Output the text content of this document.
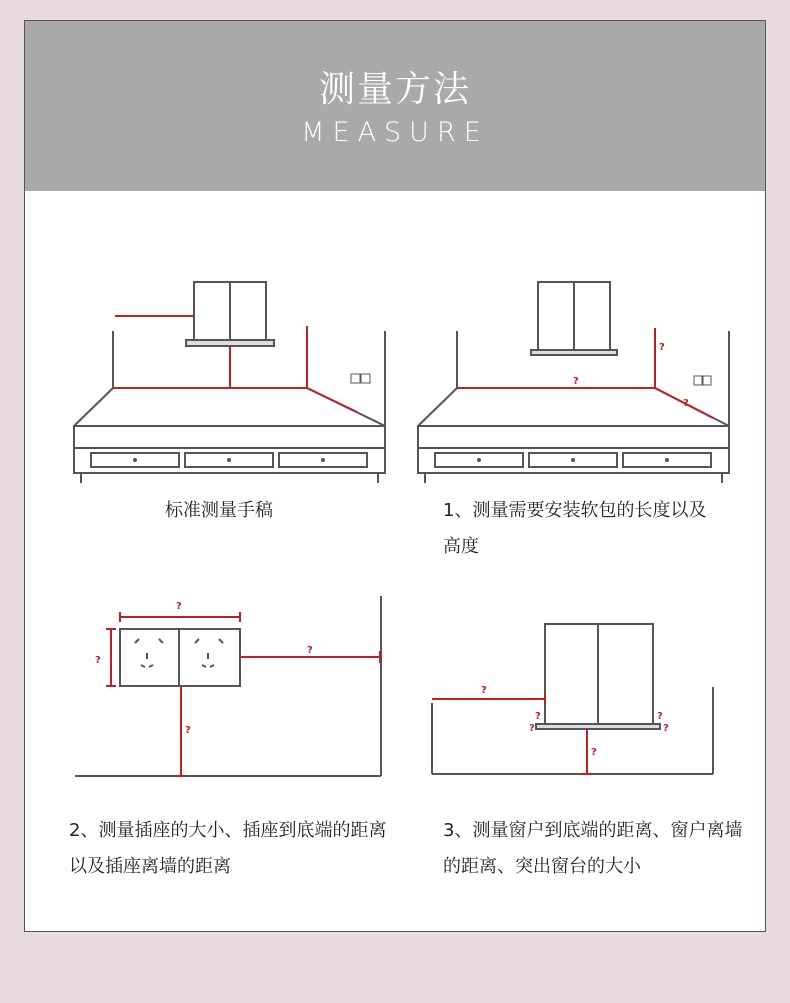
测量方法
MEASURE
标准测量手稿
?
?
?
1、测量需要安装软包的长度以及高度
?
?
?
?
2、测量插座的大小、插座到底端的距离以及插座离墙的距离
?
?
?
?
?
?
3、测量窗户到底端的距离、窗户离墙的距离、突出窗台的大小
